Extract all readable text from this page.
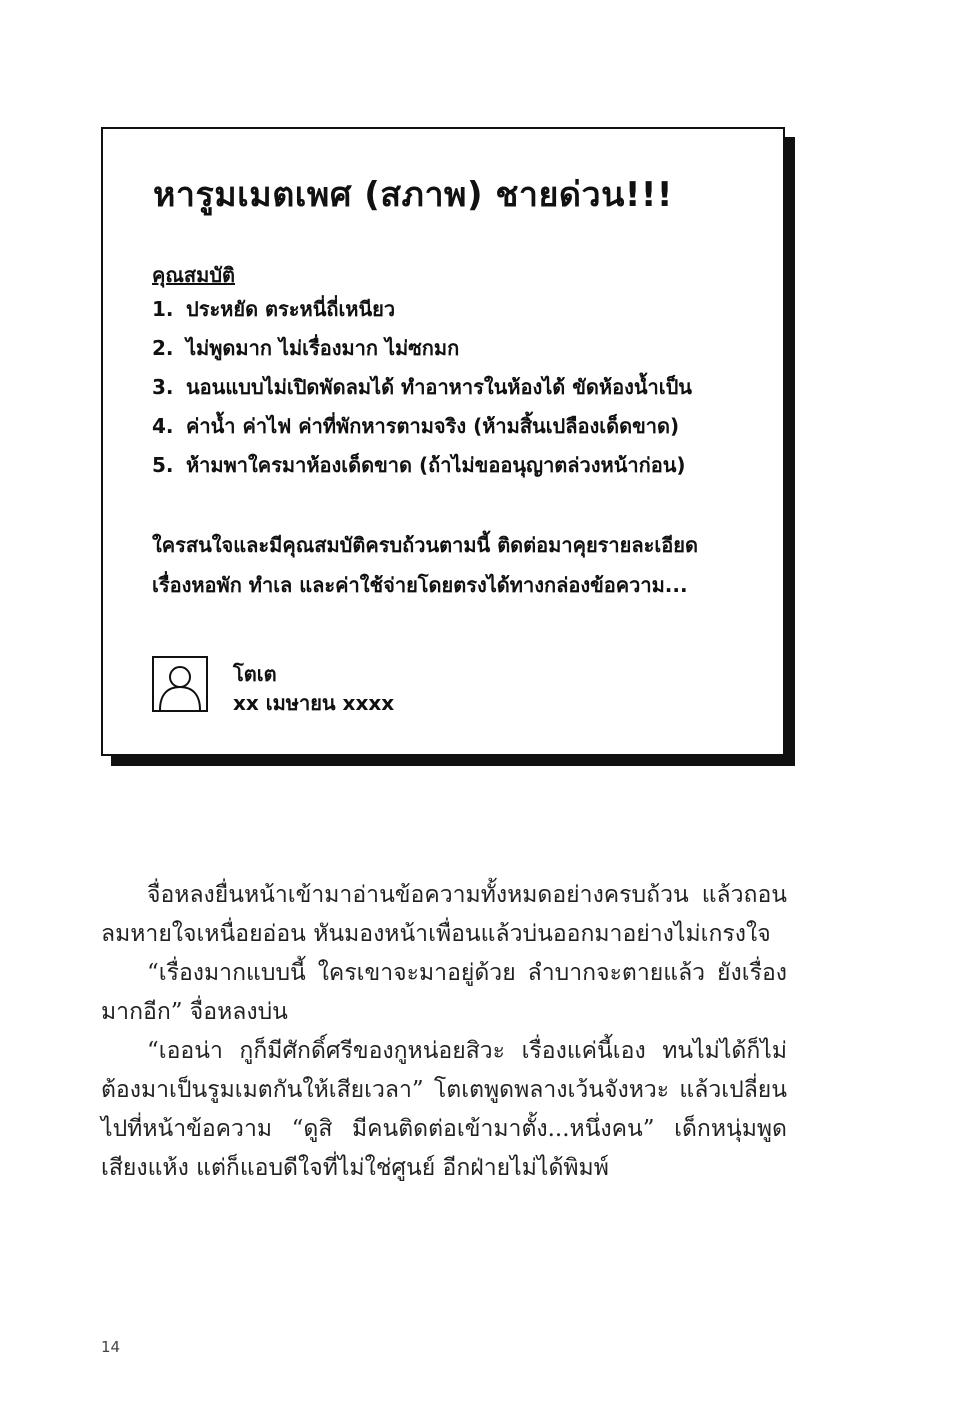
หารูมเมตเพศ (สภาพ) ชายด่วน!!!
คุณสมบัติ
1. ประหยัด ตระหนี่ถี่เหนียว
2. ไม่พูดมาก ไม่เรื่องมาก ไม่ซกมก
3. นอนแบบไม่เปิดพัดลมได้ ทำอาหารในห้องได้ ขัดห้องน้ำเป็น
4. ค่าน้ำ ค่าไฟ ค่าที่พักหารตามจริง (ห้ามสิ้นเปลืองเด็ดขาด)
5. ห้ามพาใครมาห้องเด็ดขาด (ถ้าไม่ขออนุญาตล่วงหน้าก่อน)
ใครสนใจและมีคุณสมบัติครบถ้วนตามนี้ ติดต่อมาคุยรายละเอียด
เรื่องหอพัก ทำเล และค่าใช้จ่ายโดยตรงได้ทางกล่องข้อความ...
โตเต
xx เมษายน xxxx

จื่อหลงยื่นหน้าเข้ามาอ่านข้อความทั้งหมดอย่างครบถ้วน แล้วถอนลมหายใจเหนื่อยอ่อน หันมองหน้าเพื่อนแล้วบ่นออกมาอย่างไม่เกรงใจ

“เรื่องมากแบบนี้ ใครเขาจะมาอยู่ด้วย ลำบากจะตายแล้ว ยังเรื่องมากอีก” จื่อหลงบ่น

“เออน่า กูก็มีศักดิ์ศรีของกูหน่อยสิวะ เรื่องแค่นี้เอง ทนไม่ได้ก็ไม่ต้องมาเป็นรูมเมตกันให้เสียเวลา” โตเตพูดพลางเว้นจังหวะ แล้วเปลี่ยนไปที่หน้าข้อความ “ดูสิ มีคนติดต่อเข้ามาตั้ง...หนึ่งคน” เด็กหนุ่มพูดเสียงแห้ง แต่ก็แอบดีใจที่ไม่ใช่ศูนย์ อีกฝ่ายไม่ได้พิมพ์

14
